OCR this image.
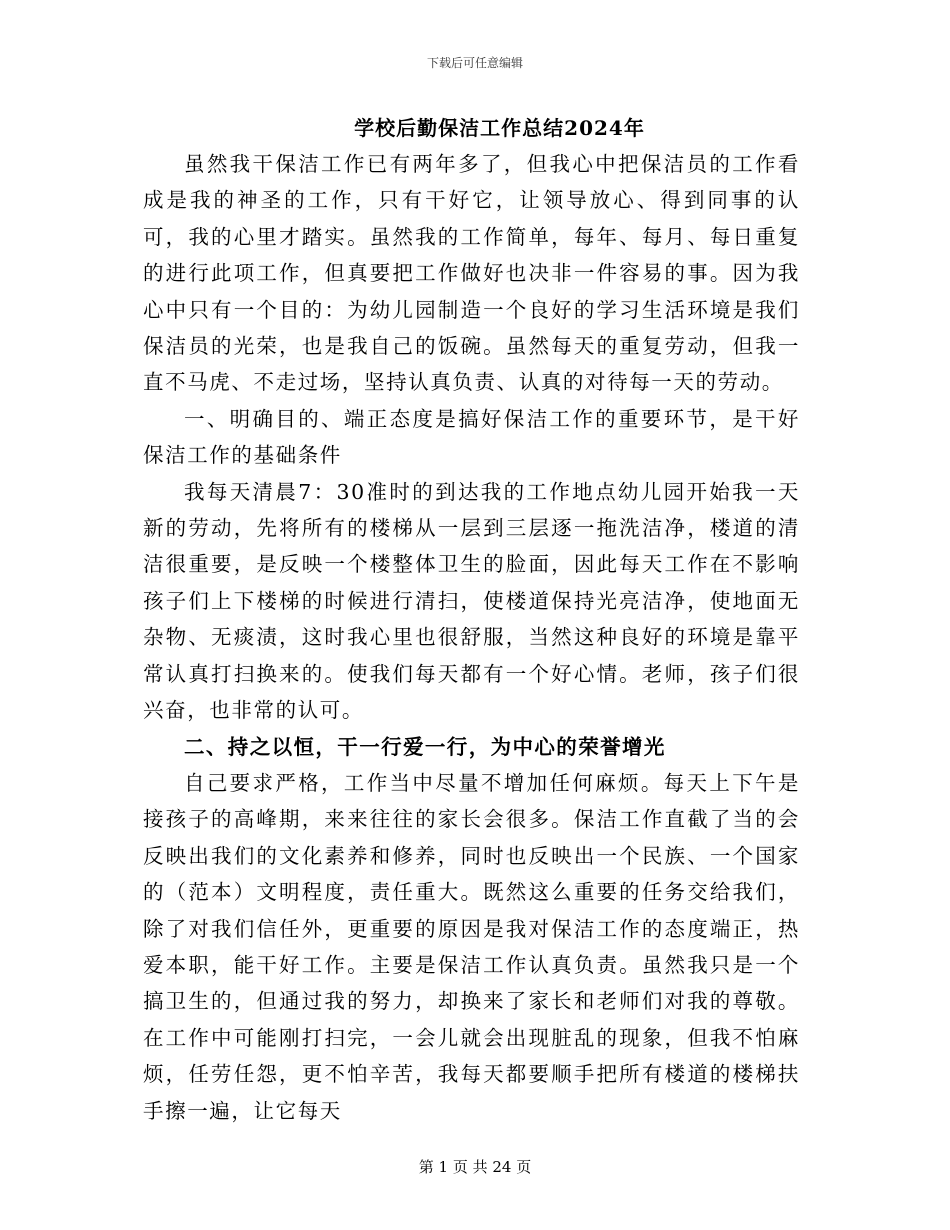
下载后可任意编辑
学校后勤保洁工作总结2024年

虽然我干保洁工作已有两年多了，但我心中把保洁员的工作看成是我的神圣的工作，只有干好它，让领导放心、得到同事的认可，我的心里才踏实。虽然我的工作简单，每年、每月、每日重复的进行此项工作，但真要把工作做好也决非一件容易的事。因为我心中只有一个目的：为幼儿园制造一个良好的学习生活环境是我们保洁员的光荣，也是我自己的饭碗。虽然每天的重复劳动，但我一直不马虎、不走过场，坚持认真负责、认真的对待每一天的劳动。

一、明确目的、端正态度是搞好保洁工作的重要环节，是干好保洁工作的基础条件

我每天清晨7：30准时的到达我的工作地点幼儿园开始我一天新的劳动，先将所有的楼梯从一层到三层逐一拖洗洁净，楼道的清洁很重要，是反映一个楼整体卫生的脸面，因此每天工作在不影响孩子们上下楼梯的时候进行清扫，使楼道保持光亮洁净，使地面无杂物、无痰渍，这时我心里也很舒服，当然这种良好的环境是靠平常认真打扫换来的。使我们每天都有一个好心情。老师，孩子们很兴奋，也非常的认可。

二、持之以恒，干一行爱一行，为中心的荣誉增光

自己要求严格，工作当中尽量不增加任何麻烦。每天上下午是接孩子的高峰期，来来往往的家长会很多。保洁工作直截了当的会反映出我们的文化素养和修养，同时也反映出一个民族、一个国家的（范本）文明程度，责任重大。既然这么重要的任务交给我们，除了对我们信任外，更重要的原因是我对保洁工作的态度端正，热爱本职，能干好工作。主要是保洁工作认真负责。虽然我只是一个搞卫生的，但通过我的努力，却换来了家长和老师们对我的尊敬。在工作中可能刚打扫完，一会儿就会出现脏乱的现象，但我不怕麻烦，任劳任怨，更不怕辛苦，我每天都要顺手把所有楼道的楼梯扶手擦一遍，让它每天

第 1 页 共 24 页
